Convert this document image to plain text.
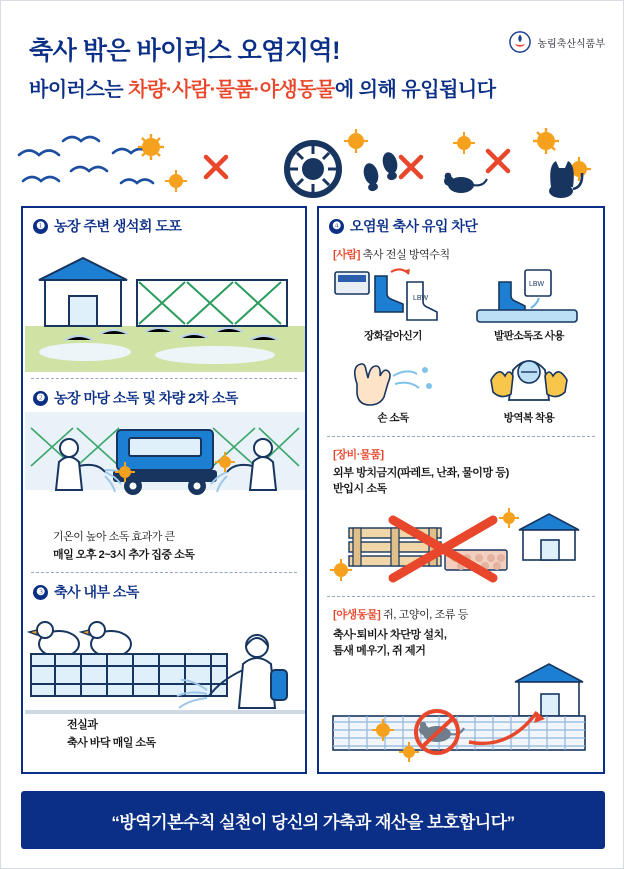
축사 밖은 바이러스 오염지역!
바이러스는 차량·사람·물품·야생동물에 의해 유입됩니다
농림축산식품부
❶ 농장 주변 생석회 도포
❷ 농장 마당 소독 및 차량 2차 소독
기온이 높아 소독 효과가 큰
매일 오후 2~3시 추가 집중 소독
❸ 축사 내부 소독
전실과
축사 바닥 매일 소독
❹ 오염원 축사 유입 차단
[사람] 축사 전실 방역수칙
LBW
장화갈아신기
LBW
발판소독조 사용
손 소독	방역복 착용
[장비·물품]
외부 방치금지(파레트, 난좌, 물이망 등)
반입시 소독
[야생동물] 쥐, 고양이, 조류 등
축사·퇴비사 차단망 설치,
틈새 메우기, 쥐 제거
“방역기본수칙 실천이 당신의 가축과 재산을 보호합니다”
